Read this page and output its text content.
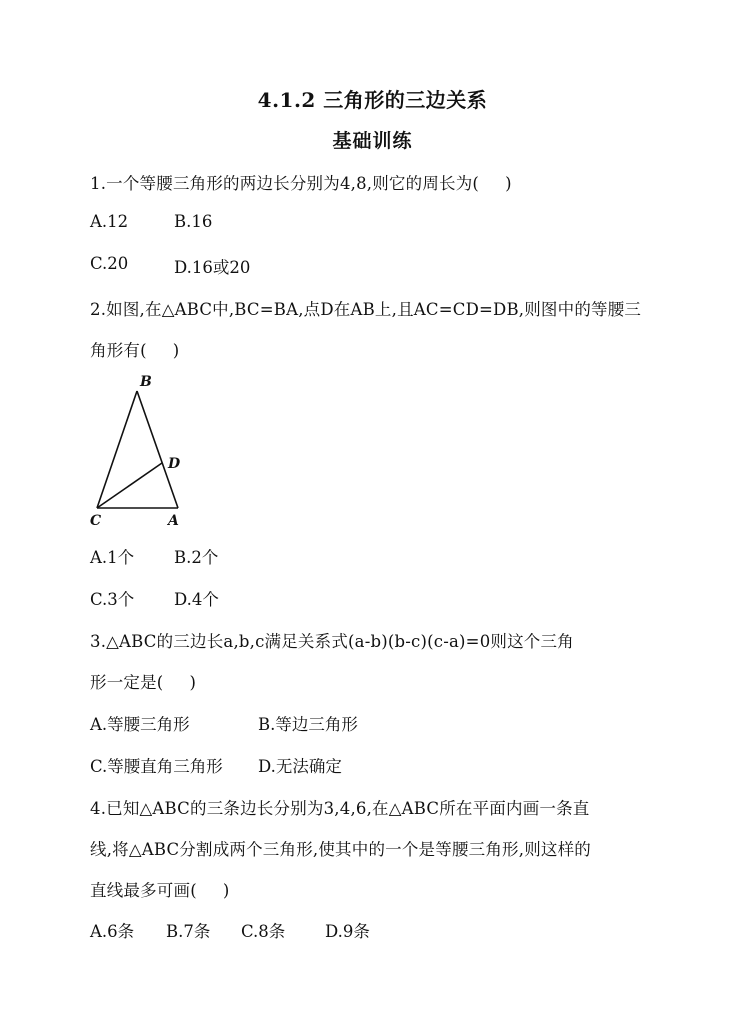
4.1.2 三角形的三边关系
基础训练
1.一个等腰三角形的两边长分别为4,8,则它的周长为( )
A.12	B.16
C.20	D.16或20
2.如图,在△ABC中,BC=BA,点D在AB上,且AC=CD=DB,则图中的等腰三
角形有( )
B
D
C	A
A.1个 B.2个
C.3个 D.4个
3.△ABC的三边长a,b,c满足关系式(a-b)(b-c)(c-a)=0则这个三角
形一定是( )
A.等腰三角形	B.等边三角形
C.等腰直角三角形 D.无法确定
4.已知△ABC的三条边长分别为3,4,6,在△ABC所在平面内画一条直
线,将△ABC分割成两个三角形,使其中的一个是等腰三角形,则这样的
直线最多可画( )
A.6条 B.7条 C.8条 D.9条
